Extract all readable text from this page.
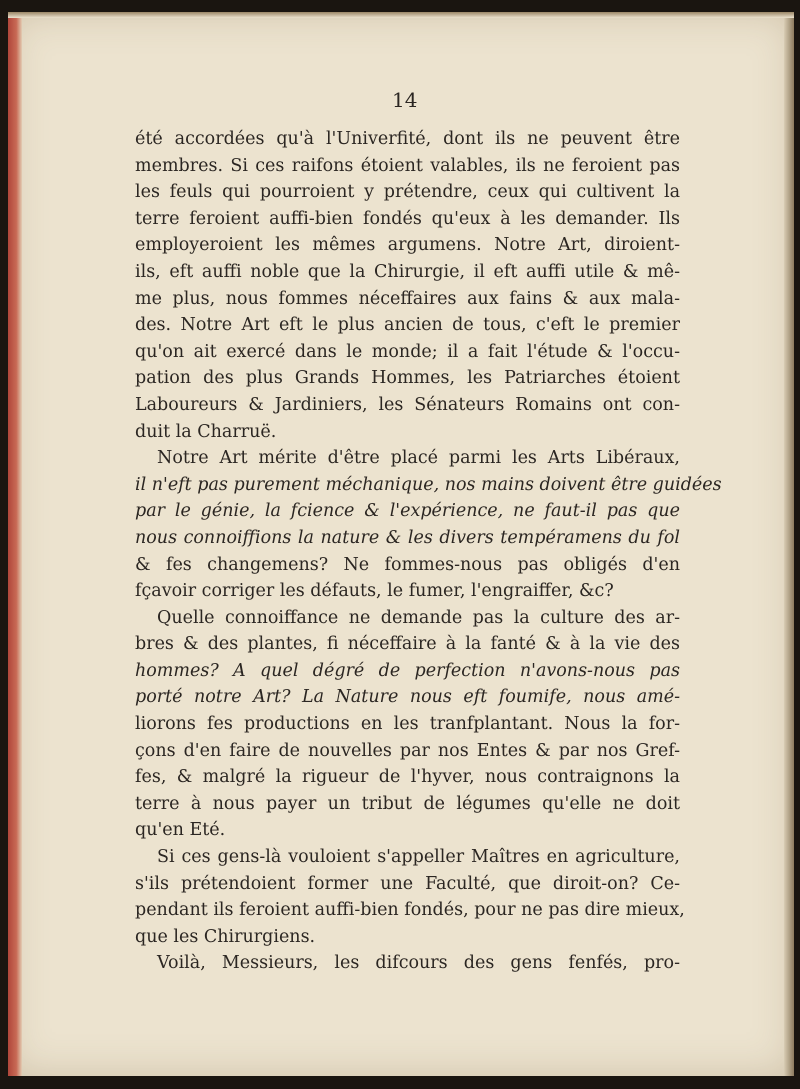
14
été accordées qu'à l'Univerfité, dont ils ne peuvent être
membres. Si ces raifons étoient valables, ils ne feroient pas
les feuls qui pourroient y prétendre, ceux qui cultivent la
terre feroient auffi-bien fondés qu'eux à les demander. Ils
employeroient les mêmes argumens. Notre Art, diroient-
ils, eft auffi noble que la Chirurgie, il eft auffi utile & mê-
me plus, nous fommes néceffaires aux fains & aux mala-
des. Notre Art eft le plus ancien de tous, c'eft le premier
qu'on ait exercé dans le monde; il a fait l'étude & l'occu-
pation des plus Grands Hommes, les Patriarches étoient
Laboureurs & Jardiniers, les Sénateurs Romains ont con-
duit la Charruë.
Notre Art mérite d'être placé parmi les Arts Libéraux,
il n'eft pas purement méchanique, nos mains doivent être guidées
par le génie, la fcience & l'expérience, ne faut-il pas que
nous connoiffions la nature & les divers tempéramens du fol
& fes changemens? Ne fommes-nous pas obligés d'en
fçavoir corriger les défauts, le fumer, l'engraiffer, &c?
Quelle connoiffance ne demande pas la culture des ar-
bres & des plantes, fi néceffaire à la fanté & à la vie des
hommes? A quel dégré de perfection n'avons-nous pas
porté notre Art? La Nature nous eft foumife, nous amé-
liorons fes productions en les tranfplantant. Nous la for-
çons d'en faire de nouvelles par nos Entes & par nos Gref-
fes, & malgré la rigueur de l'hyver, nous contraignons la
terre à nous payer un tribut de légumes qu'elle ne doit
qu'en Eté.
Si ces gens-là vouloient s'appeller Maîtres en agriculture,
s'ils prétendoient former une Faculté, que diroit-on? Ce-
pendant ils feroient auffi-bien fondés, pour ne pas dire mieux,
que les Chirurgiens.
Voilà, Messieurs, les difcours des gens fenfés, pro-
